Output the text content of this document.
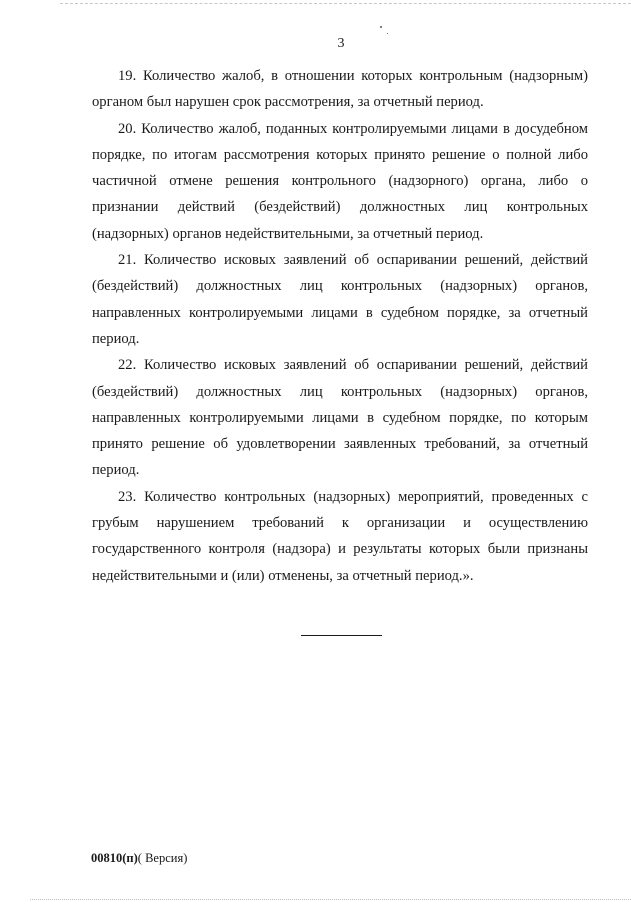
3

19. Количество жалоб, в отношении которых контрольным (надзорным) органом был нарушен срок рассмотрения, за отчетный период.

20. Количество жалоб, поданных контролируемыми лицами в досудебном порядке, по итогам рассмотрения которых принято решение о полной либо частичной отмене решения контрольного (надзорного) органа, либо о признании действий (бездействий) должностных лиц контрольных (надзорных) органов недействительными, за отчетный период.

21. Количество исковых заявлений об оспаривании решений, действий (бездействий) должностных лиц контрольных (надзорных) органов, направленных контролируемыми лицами в судебном порядке, за отчетный период.

22. Количество исковых заявлений об оспаривании решений, действий (бездействий) должностных лиц контрольных (надзорных) органов, направленных контролируемыми лицами в судебном порядке, по которым принято решение об удовлетворении заявленных требований, за отчетный период.

23. Количество контрольных (надзорных) мероприятий, проведенных с грубым нарушением требований к организации и осуществлению государственного контроля (надзора) и результаты которых были признаны недействительными и (или) отменены, за отчетный период.».

00810(п)( Версия)
